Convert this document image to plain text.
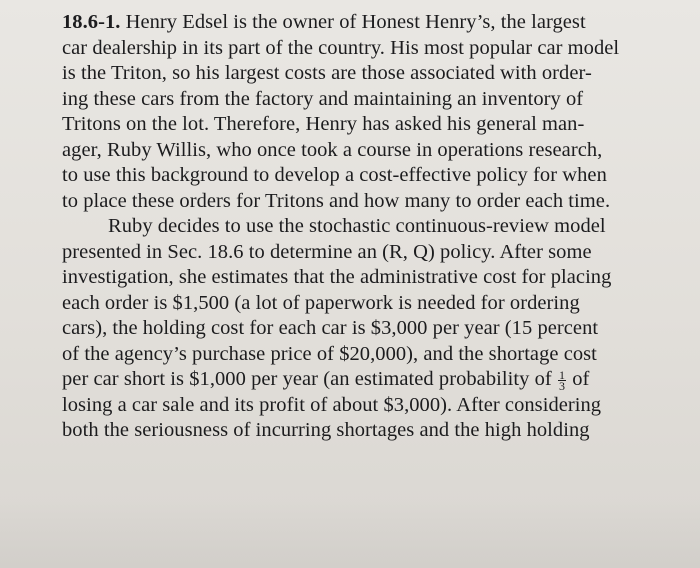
18.6-1. Henry Edsel is the owner of Honest Henry’s, the largest
car dealership in its part of the country. His most popular car model
is the Triton, so his largest costs are those associated with order-
ing these cars from the factory and maintaining an inventory of
Tritons on the lot. Therefore, Henry has asked his general man-
ager, Ruby Willis, who once took a course in operations research,
to use this background to develop a cost-effective policy for when
to place these orders for Tritons and how many to order each time.
Ruby decides to use the stochastic continuous-review model
presented in Sec. 18.6 to determine an (R, Q) policy. After some
investigation, she estimates that the administrative cost for placing
each order is $1,500 (a lot of paperwork is needed for ordering
cars), the holding cost for each car is $3,000 per year (15 percent
of the agency’s purchase price of $20,000), and the shortage cost
per car short is $1,000 per year (an estimated probability of $\frac{1}{3}$ of
losing a car sale and its profit of about $3,000). After considering
both the seriousness of incurring shortages and the high holding
